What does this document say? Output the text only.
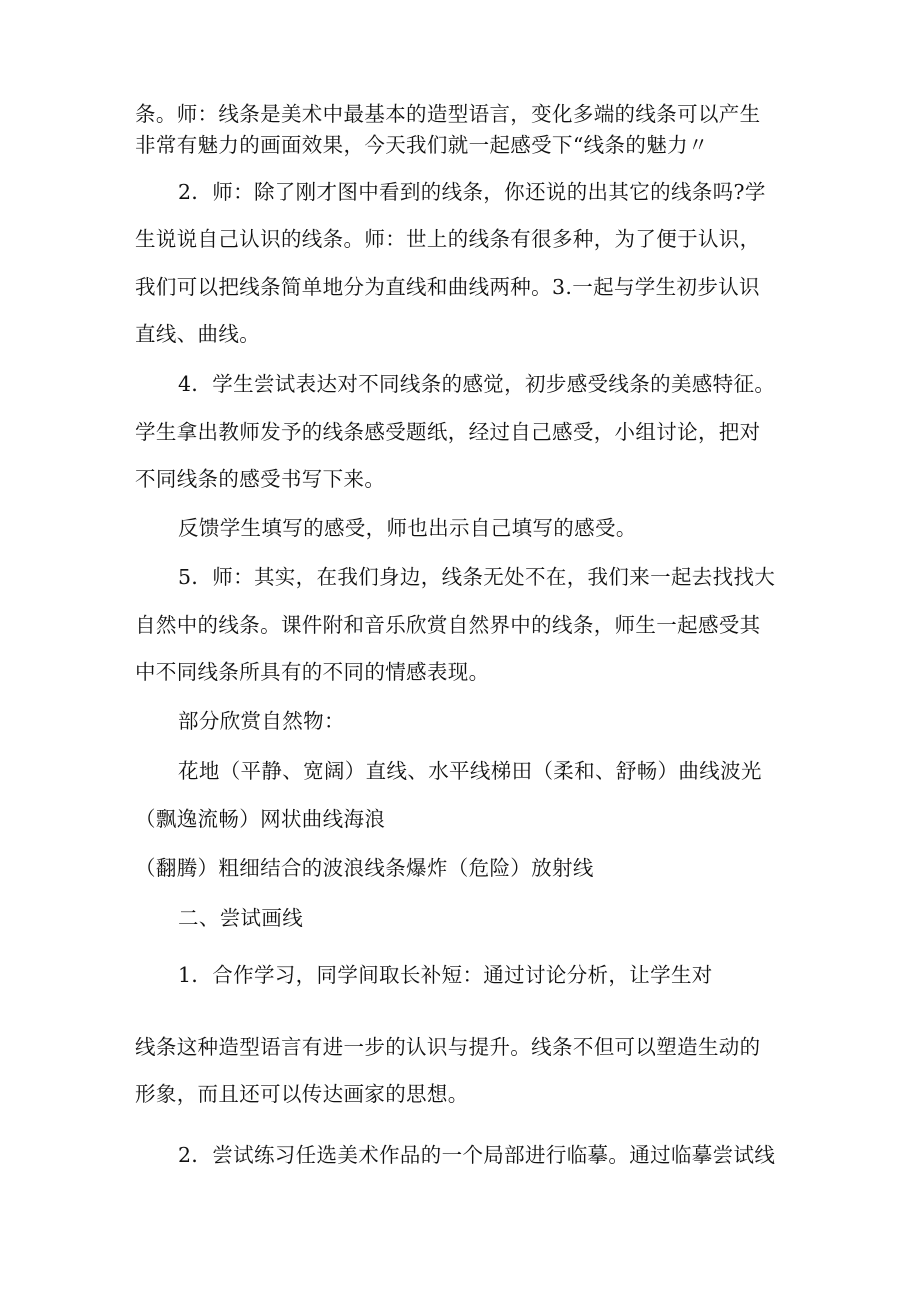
条。师：线条是美术中最基本的造型语言，变化多端的线条可以产生
非常有魅力的画面效果，今天我们就一起感受下“线条的魅力〃
2．师：除了刚才图中看到的线条，你还说的出其它的线条吗?学
生说说自己认识的线条。师：世上的线条有很多种，为了便于认识，
我们可以把线条简单地分为直线和曲线两种。3.一起与学生初步认识
直线、曲线。
4．学生尝试表达对不同线条的感觉，初步感受线条的美感特征。
学生拿出教师发予的线条感受题纸，经过自己感受，小组讨论，把对
不同线条的感受书写下来。
反馈学生填写的感受，师也出示自己填写的感受。
5．师：其实，在我们身边，线条无处不在，我们来一起去找找大
自然中的线条。课件附和音乐欣赏自然界中的线条，师生一起感受其
中不同线条所具有的不同的情感表现。
部分欣赏自然物：
花地（平静、宽阔）直线、水平线梯田（柔和、舒畅）曲线波光
（飘逸流畅）网状曲线海浪
（翻腾）粗细结合的波浪线条爆炸（危险）放射线
二、尝试画线
1．合作学习，同学间取长补短：通过讨论分析，让学生对
线条这种造型语言有进一步的认识与提升。线条不但可以塑造生动的
形象，而且还可以传达画家的思想。
2．尝试练习任选美术作品的一个局部进行临摹。通过临摹尝试线
